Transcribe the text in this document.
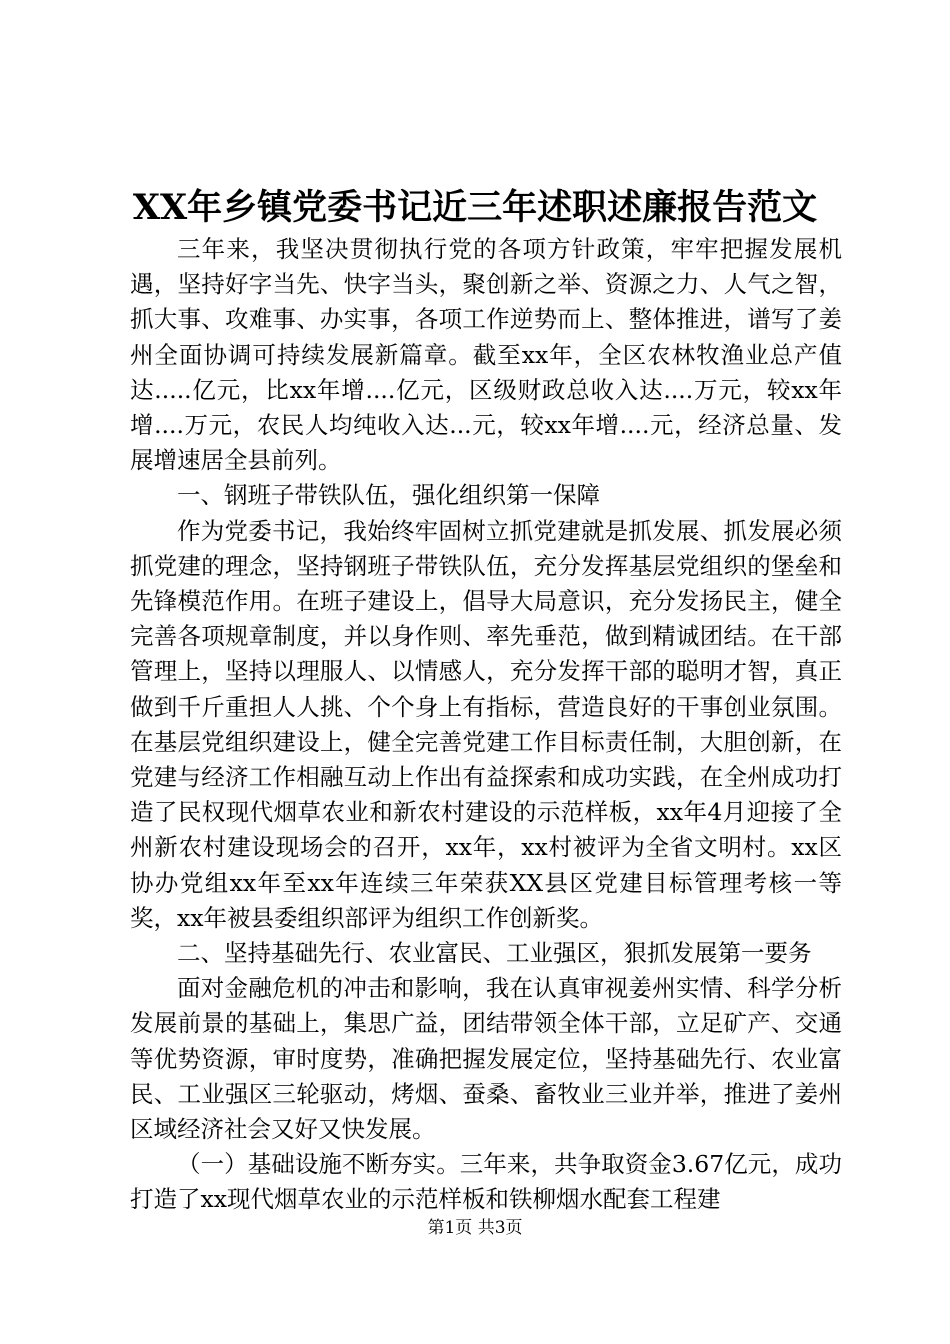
XX年乡镇党委书记近三年述职述廉报告范文

三年来，我坚决贯彻执行党的各项方针政策，牢牢把握发展机遇，坚持好字当先、快字当头，聚创新之举、资源之力、人气之智，抓大事、攻难事、办实事，各项工作逆势而上、整体推进，谱写了姜州全面协调可持续发展新篇章。截至xx年，全区农林牧渔业总产值达.....亿元，比xx年增....亿元，区级财政总收入达....万元，较xx年增....万元，农民人均纯收入达...元，较xx年增....元，经济总量、发展增速居全县前列。

一、钢班子带铁队伍，强化组织第一保障

作为党委书记，我始终牢固树立抓党建就是抓发展、抓发展必须抓党建的理念，坚持钢班子带铁队伍，充分发挥基层党组织的堡垒和先锋模范作用。在班子建设上，倡导大局意识，充分发扬民主，健全完善各项规章制度，并以身作则、率先垂范，做到精诚团结。在干部管理上，坚持以理服人、以情感人，充分发挥干部的聪明才智，真正做到千斤重担人人挑、个个身上有指标，营造良好的干事创业氛围。在基层党组织建设上，健全完善党建工作目标责任制，大胆创新，在党建与经济工作相融互动上作出有益探索和成功实践，在全州成功打造了民权现代烟草农业和新农村建设的示范样板，xx年4月迎接了全州新农村建设现场会的召开，xx年，xx村被评为全省文明村。xx区协办党组xx年至xx年连续三年荣获XX县区党建目标管理考核一等奖，xx年被县委组织部评为组织工作创新奖。

二、坚持基础先行、农业富民、工业强区，狠抓发展第一要务

面对金融危机的冲击和影响，我在认真审视姜州实情、科学分析发展前景的基础上，集思广益，团结带领全体干部，立足矿产、交通等优势资源，审时度势，准确把握发展定位，坚持基础先行、农业富民、工业强区三轮驱动，烤烟、蚕桑、畜牧业三业并举，推进了姜州区域经济社会又好又快发展。

（一）基础设施不断夯实。三年来，共争取资金3.67亿元，成功打造了xx现代烟草农业的示范样板和铁柳烟水配套工程建

第1页 共3页
